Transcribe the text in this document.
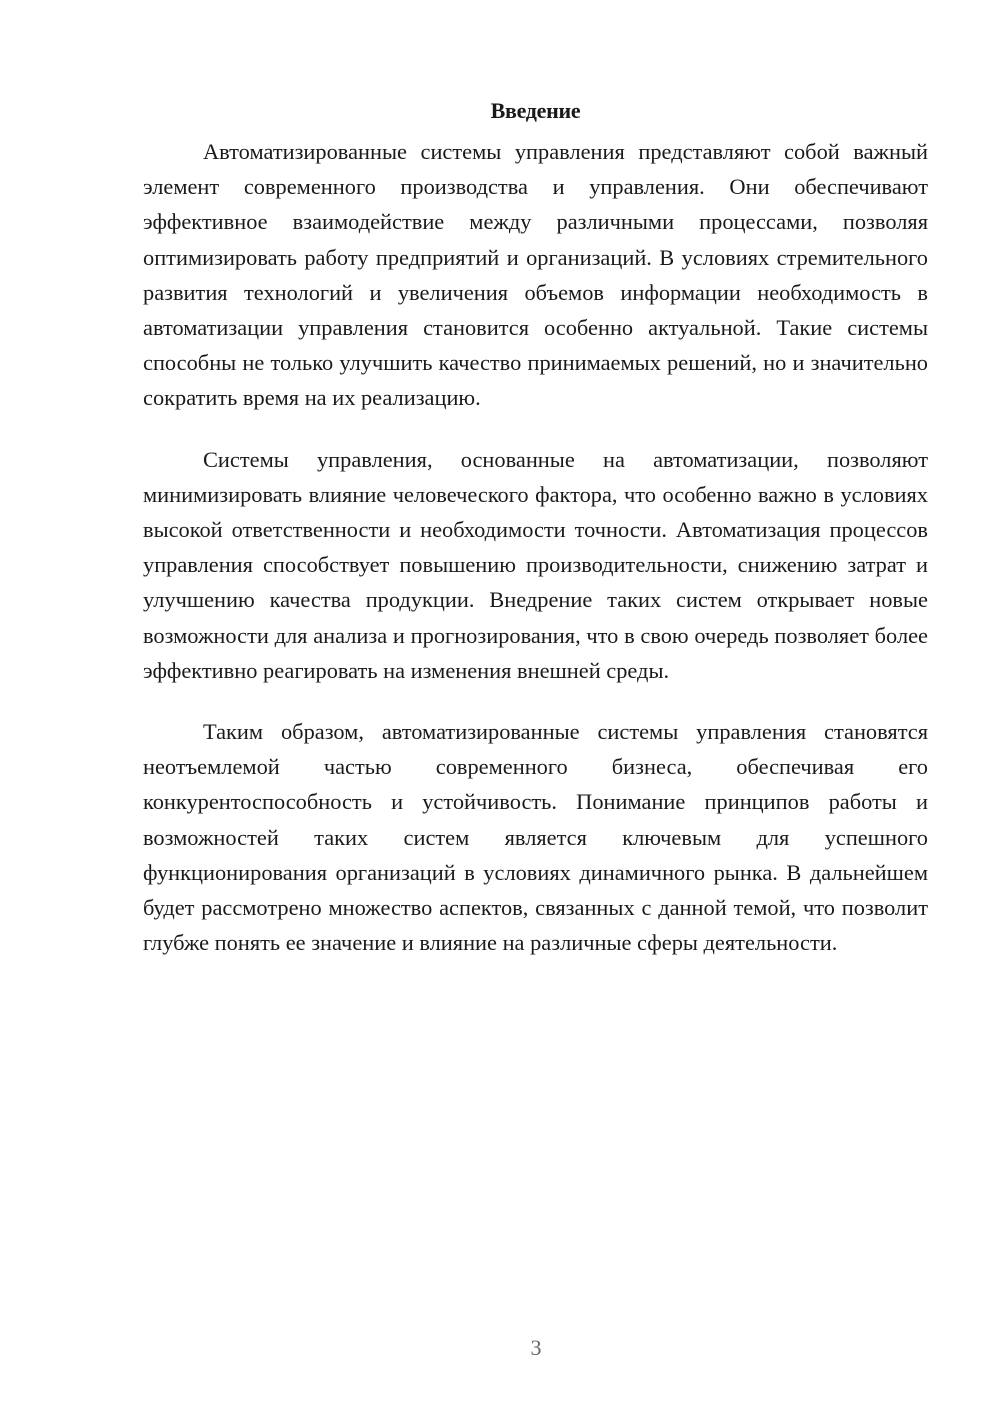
Введение

Автоматизированные системы управления представляют собой важный элемент современного производства и управления. Они обеспечивают эффективное взаимодействие между различными процессами, позволяя оптимизировать работу предприятий и организаций. В условиях стремительного развития технологий и увеличения объемов информации необходимость в автоматизации управления становится особенно актуальной. Такие системы способны не только улучшить качество принимаемых решений, но и значительно сократить время на их реализацию.

Системы управления, основанные на автоматизации, позволяют минимизировать влияние человеческого фактора, что особенно важно в условиях высокой ответственности и необходимости точности. Автоматизация процессов управления способствует повышению производительности, снижению затрат и улучшению качества продукции. Внедрение таких систем открывает новые возможности для анализа и прогнозирования, что в свою очередь позволяет более эффективно реагировать на изменения внешней среды.

Таким образом, автоматизированные системы управления становятся неотъемлемой частью современного бизнеса, обеспечивая его конкурентоспособность и устойчивость. Понимание принципов работы и возможностей таких систем является ключевым для успешного функционирования организаций в условиях динамичного рынка. В дальнейшем будет рассмотрено множество аспектов, связанных с данной темой, что позволит глубже понять ее значение и влияние на различные сферы деятельности.

3
